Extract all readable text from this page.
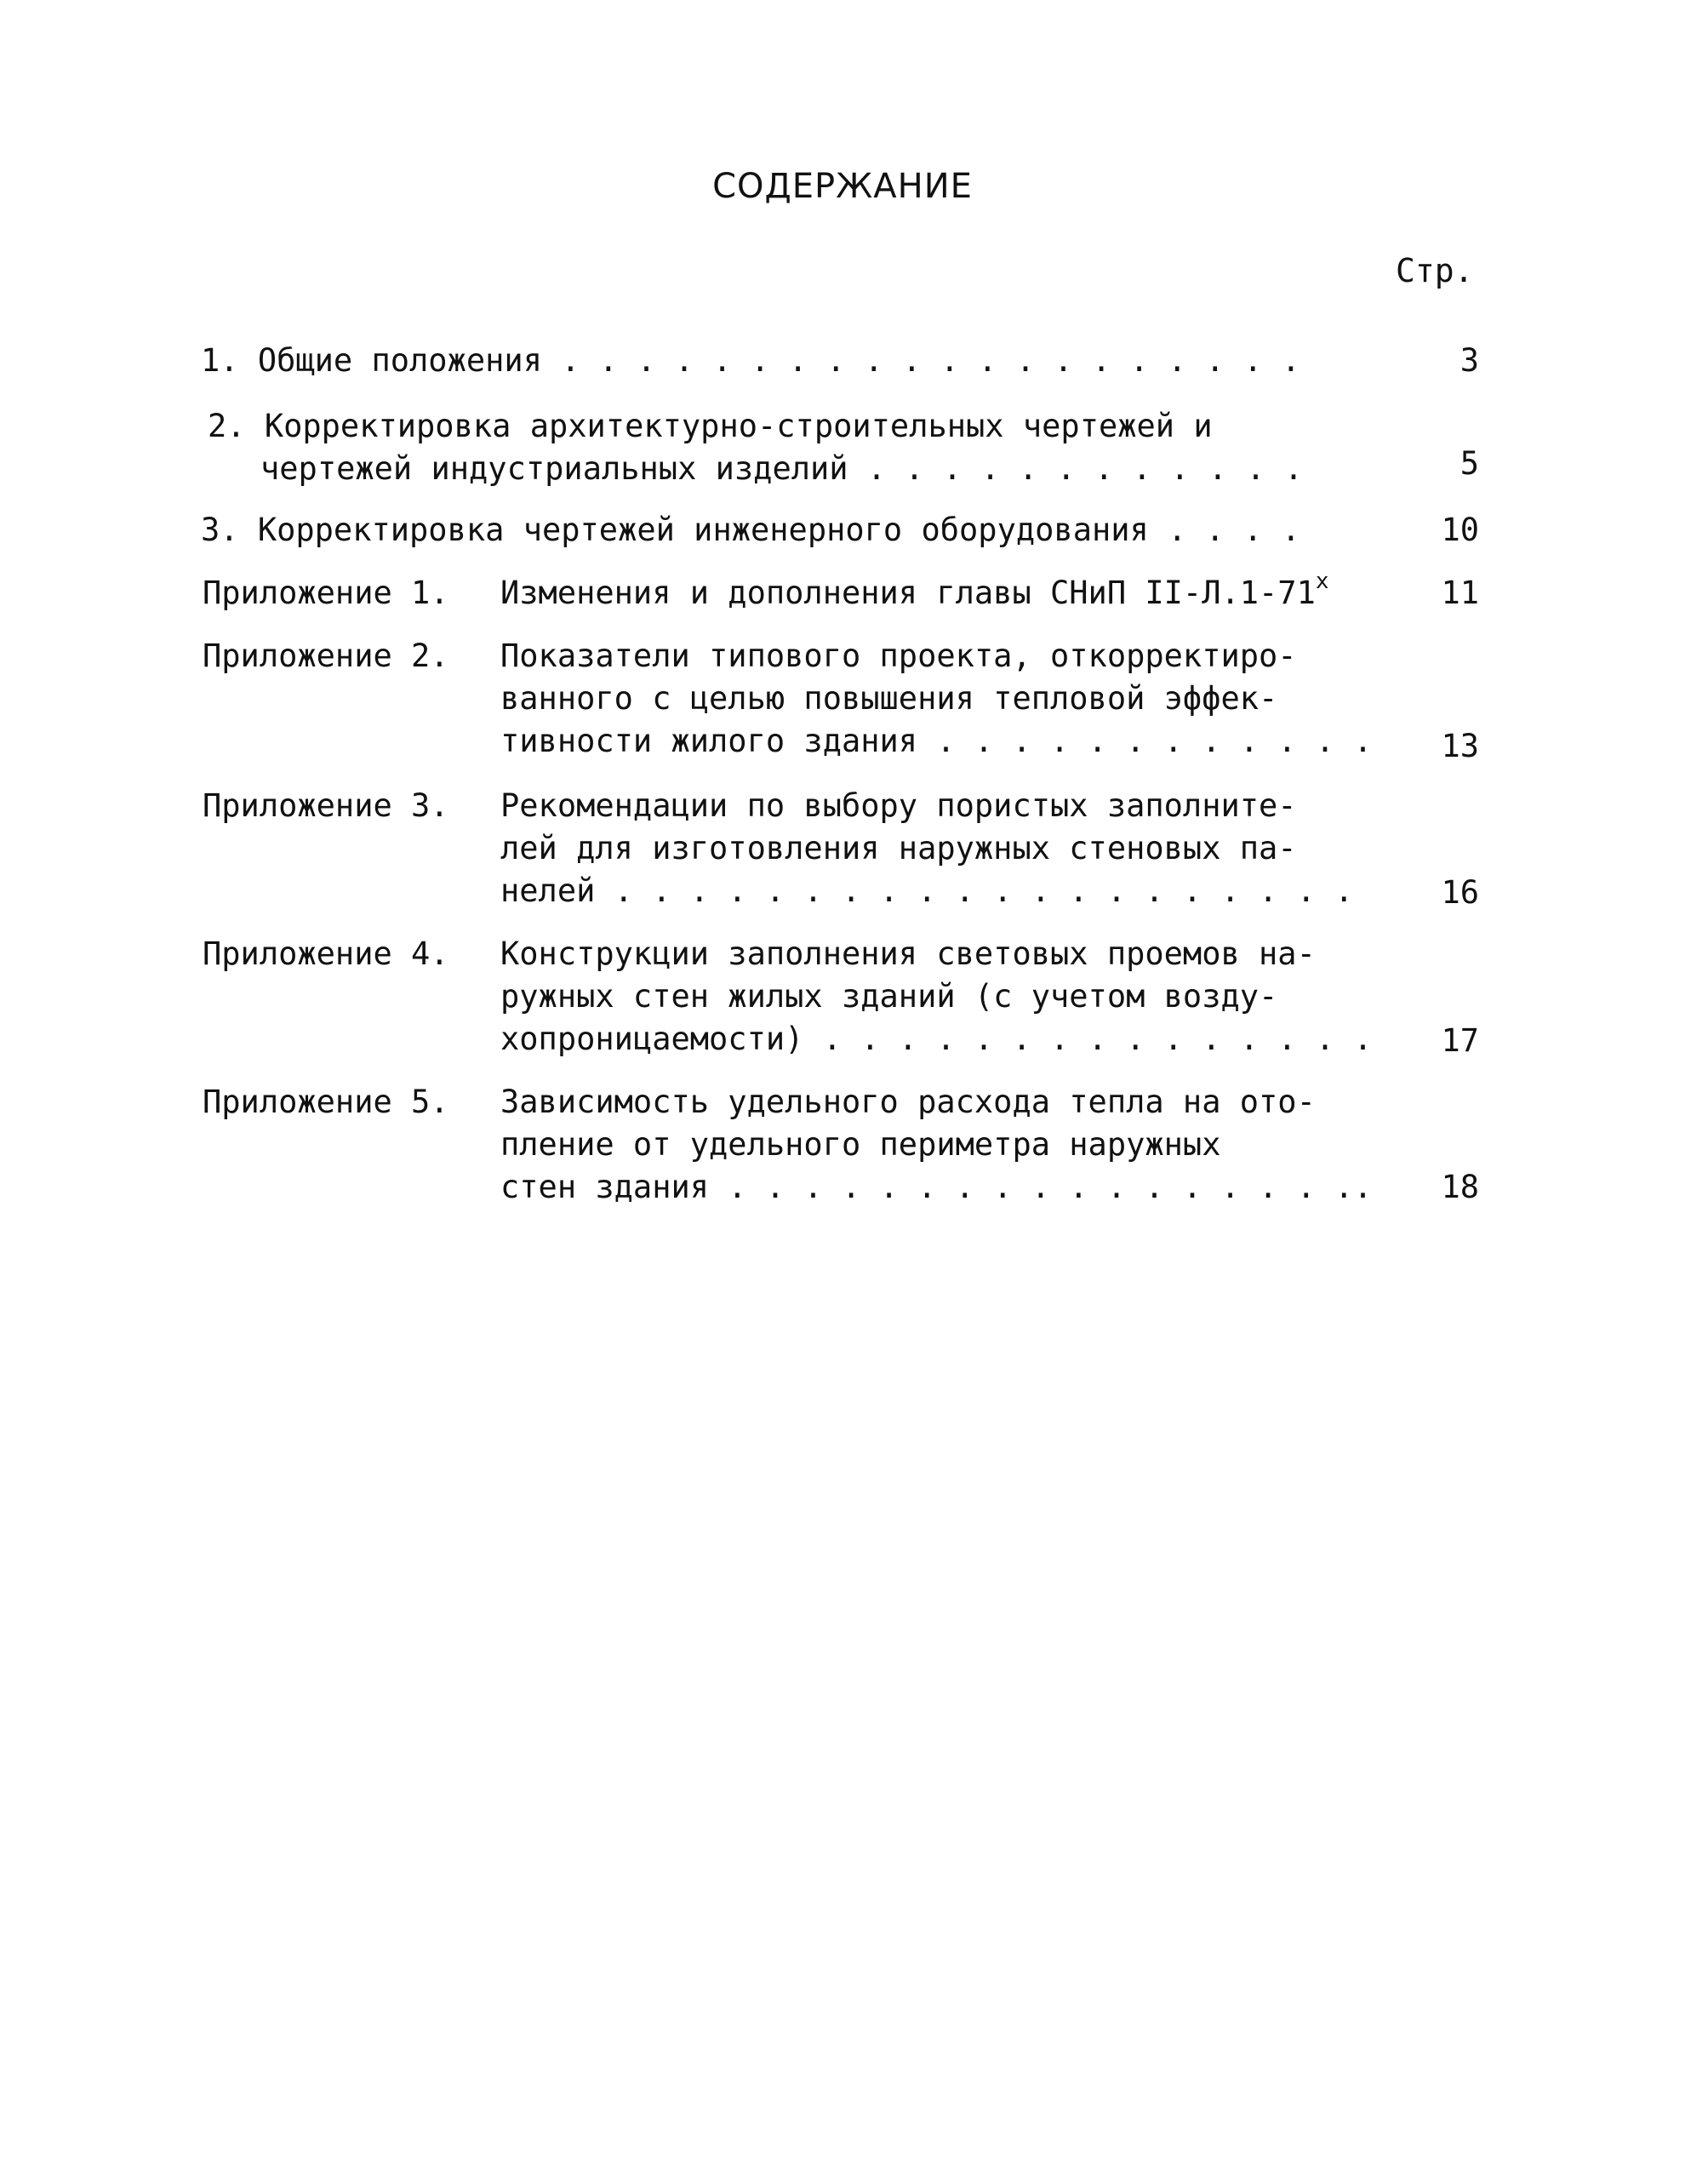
СОДЕРЖАНИЕ
Стр.
1. Общие положения . . . . . . . . . . . . . . . . . . . .	3
2. Корректировка архитектурно-строительных чертежей и
чертежей индустриальных изделий . . . . . . . . . . . .	5
3. Корректировка чертежей инженерного оборудования . . . .	10
Приложение 1. Изменения и дополнения главы СНиП II-Л.1-71$^x$	11
Приложение 2. Показатели типового проекта, откорректиро-
ванного с целью повышения тепловой эффек-
тивности жилого здания . . . . . . . . . . . .	13
Приложение 3. Рекомендации по выбору пористых заполните-
лей для изготовления наружных стеновых па-
нелей . . . . . . . . . . . . . . . . . . . .	16
Приложение 4. Конструкции заполнения световых проемов на-
ружных стен жилых зданий (с учетом возду-
хопроницаемости) . . . . . . . . . . . . . . .	17
Приложение 5. Зависимость удельного расхода тепла на ото-
пление от удельного периметра наружных
стен здания . . . . . . . . . . . . . . . . ..	18
